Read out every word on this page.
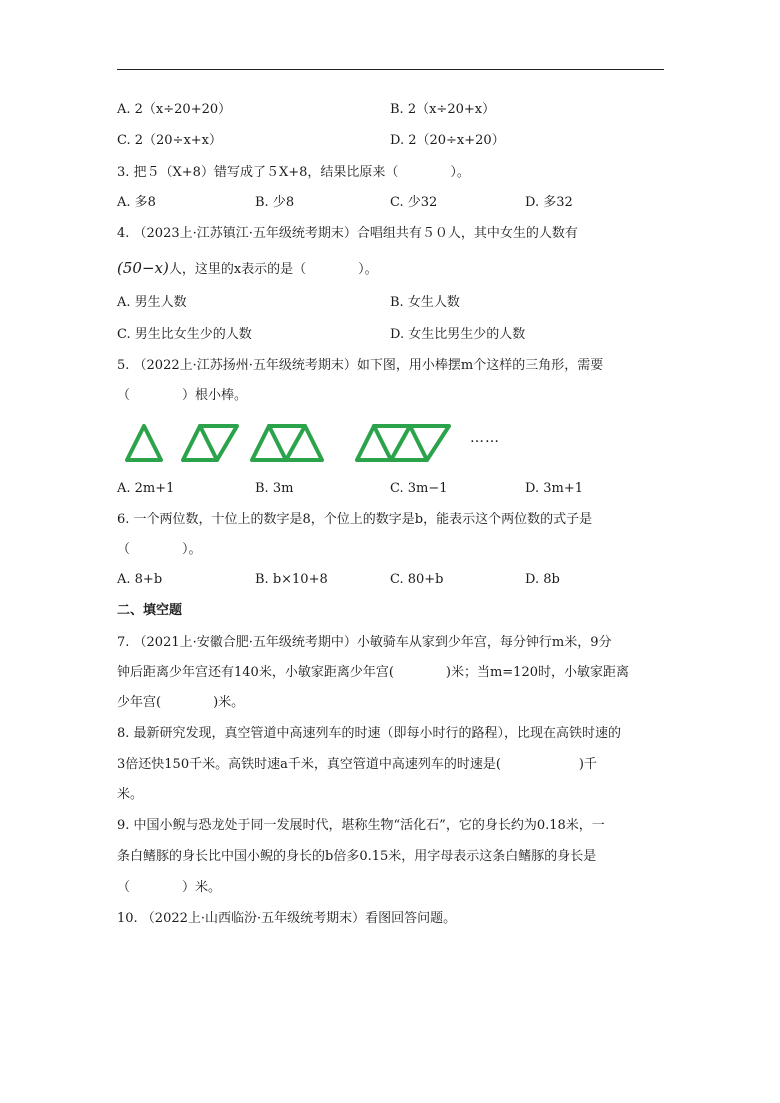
A. 2（x÷20+20）	B. 2（x÷20+x）
C. 2（20÷x+x）	D. 2（20÷x+20）
3. 把５（X+8）错写成了５X+8，结果比原来（　　　　）。
A. 多8	B. 少8	C. 少32	D. 多32
4. （2023上·江苏镇江·五年级统考期末）合唱组共有５０人，其中女生的人数有
(50−x)人，这里的x表示的是（　　　　）。
A. 男生人数	B. 女生人数
C. 男生比女生少的人数	D. 女生比男生少的人数
5. （2022上·江苏扬州·五年级统考期末）如下图，用小棒摆m个这样的三角形，需要
（　　　　）根小棒。
……
A. 2m+1	B. 3m	C. 3m−1	D. 3m+1
6. 一个两位数，十位上的数字是8，个位上的数字是b，能表示这个两位数的式子是
（　　　　）。
A. 8+b	B. b×10+8	C. 80+b	D. 8b
二、填空题
7. （2021上·安徽合肥·五年级统考期中）小敏骑车从家到少年宫，每分钟行m米，9分
钟后距离少年宫还有140米，小敏家距离少年宫(　　　　)米；当m=120时，小敏家距离
少年宫(　　　　)米。
8. 最新研究发现，真空管道中高速列车的时速（即每小时行的路程），比现在高铁时速的
3倍还快150千米。高铁时速a千米，真空管道中高速列车的时速是(　　　　　　)千
米。
9. 中国小鲵与恐龙处于同一发展时代，堪称生物“活化石”，它的身长约为0.18米，一
条白鳍豚的身长比中国小鲵的身长的b倍多0.15米，用字母表示这条白鳍豚的身长是
（　　　　）米。
10. （2022上·山西临汾·五年级统考期末）看图回答问题。
